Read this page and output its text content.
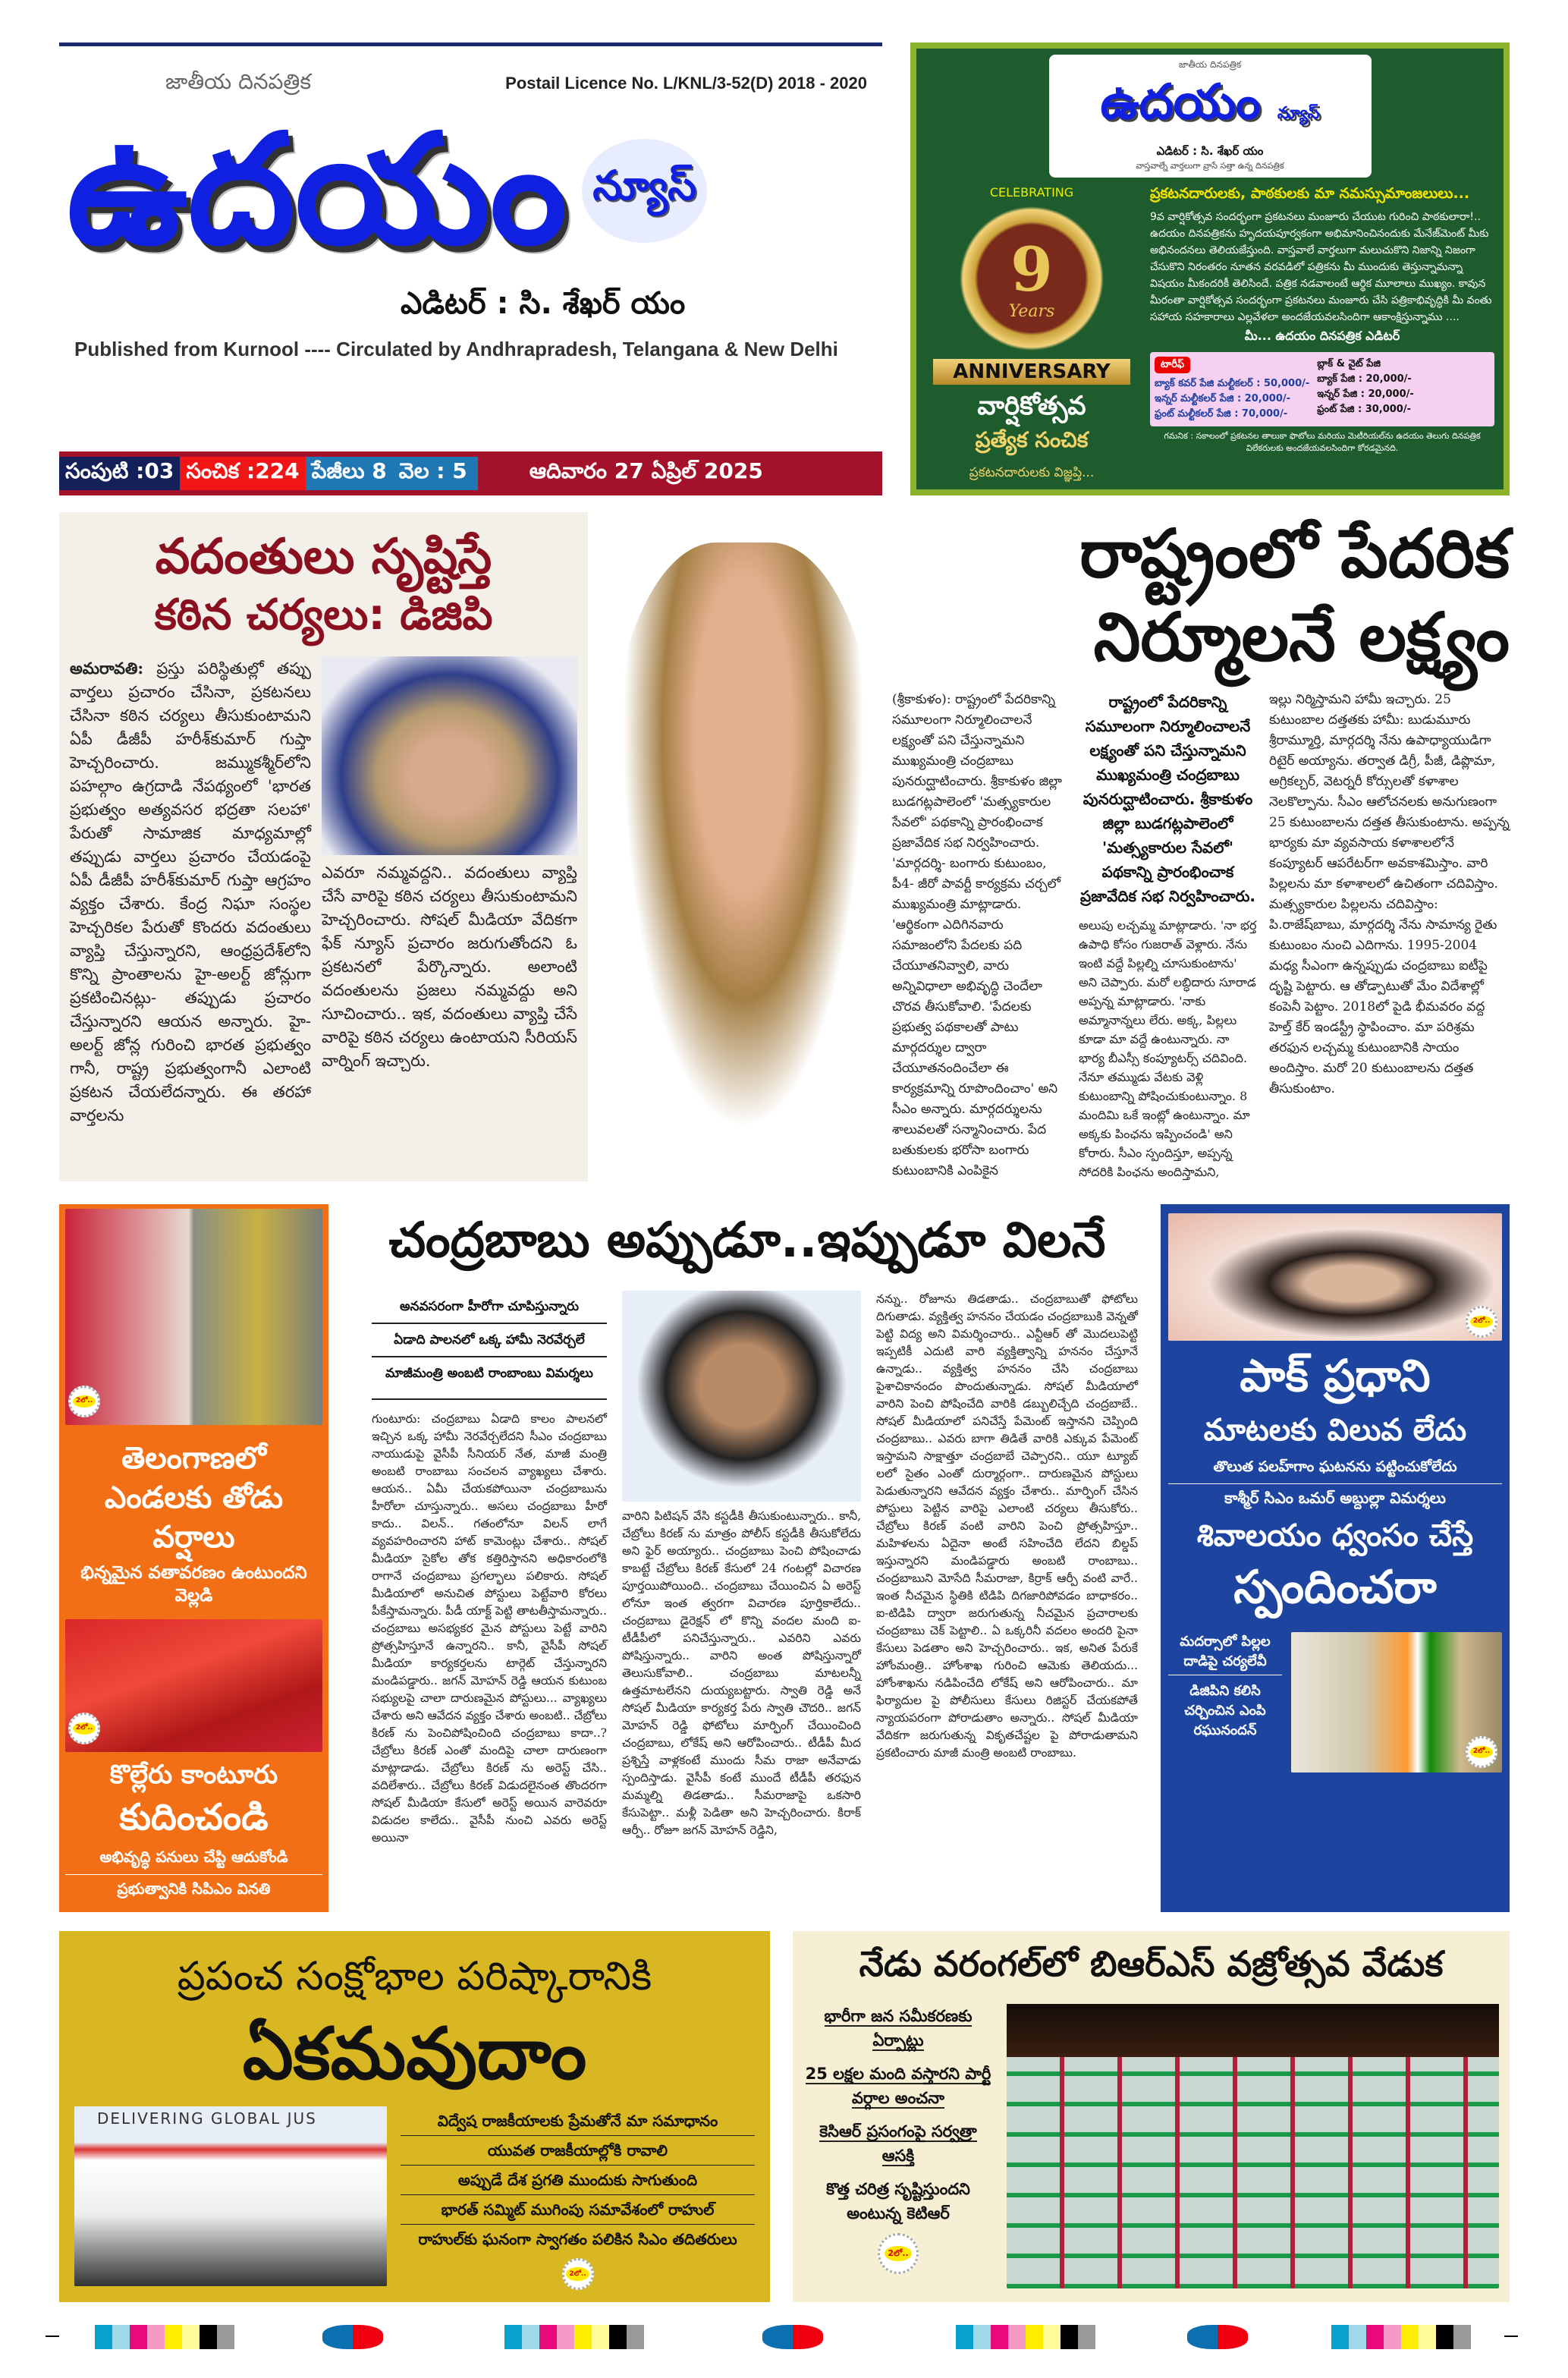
జాతీయ దినపత్రిక	Postail Licence No. L/KNL/3-52(D) 2018 - 2020
ఉదయం న్యూస్
ఎడిటర్ : సి. శేఖర్ యం
Published from Kurnool ---- Circulated by Andhrapradesh, Telangana & New Delhi
సంపుటి :03 సంచిక :224 పేజీలు 8 వెల : 5	ఆదివారం 27 ఏప్రిల్ 2025
జాతీయ దినపత్రిక
ఉదయం న్యూస్
ఎడిటర్ : సి. శేఖర్ యం
వాస్తవాల్నే వార్తలుగా వ్రాసే సత్తా ఉన్న దినపత్రిక
CELEBRATING
9
Years
ANNIVERSARY
వార్షికోత్సవ
ప్రత్యేక సంచిక
ప్రకటనదారులకు విజ్ఞప్తి...
ప్రకటనదారులకు, పాఠకులకు మా నమస్సుమాంజలులు...
9వ వార్షికోత్సవ సందర్భంగా ప్రకటనలు మంజూరు చేయుట గురించి పాఠకులారా!.. ఉదయం దినపత్రికను హృదయపూర్వకంగా అభిమానించినందుకు మేనేజ్‌మెంట్ మీకు అభినందనలు తెలియజేస్తుంది. వాస్తవాలే వార్తలుగా మలుచుకొని నిజాన్ని నిజంగా చేసుకొని నిరంతరం నూతన వరవడిలో పత్రికను మీ ముందుకు తెస్తున్నామన్నా విషయం మీకందరికీ తెలిసిందే. పత్రిక నడవాలంటే ఆర్థిక మూలాలు ముఖ్యం. కావున మీరంతా వార్షికోత్సవ సందర్భంగా ప్రకటనలు మంజూరు చేసి పత్రికాభివృద్ధికి మీ వంతు సహాయ సహకారాలు ఎల్లవేళలా అందజేయవలసిందిగా ఆకాంక్షిస్తున్నాము ....
మీ... ఉదయం దినపత్రిక ఎడిటర్
టారీఫ్
బ్యాక్ కవర్ పేజి మల్టీకలర్ : 50,000/-
ఇన్నర్ మల్టీకలర్ పేజి : 20,000/-
ఫ్రంట్ మల్టీకలర్ పేజి : 70,000/-
బ్లాక్ & వైట్ పేజి
బ్యాక్ పేజి : 20,000/-
ఇన్నర్ పేజి : 20,000/-
ఫ్రంట్ పేజి : 30,000/-
గమనిక : సకాలంలో ప్రకటనల తాలుకా ఫొటోలు మరియు మెటీరియల్‌ను ఉదయం తెలుగు దినపత్రిక విలేకరులకు అందజేయవలసిందిగా కోరడమైనది.
వదంతులు సృష్టిస్తే
కఠిన చర్యలు: డిజిపి
అమరావతి: ప్రస్తు పరిస్థితుల్లో తప్పు వార్తలు ప్రచారం చేసినా, ప్రకటనలు చేసినా కఠిన చర్యలు తీసుకుంటామని ఏపీ డీజీపీ హరీశ్‌కుమార్ గుప్తా హెచ్చరించారు. జమ్ముకశ్మీర్‌లోని పహల్గాం ఉగ్రదాడి నేపథ్యంలో 'భారత ప్రభుత్వం అత్యవసర భద్రతా సలహా' పేరుతో సామాజిక మాధ్యమాల్లో తప్పుడు వార్తలు ప్రచారం చేయడంపై ఏపీ డీజీపీ హరీశ్‌కుమార్ గుప్తా ఆగ్రహం వ్యక్తం చేశారు. కేంద్ర నిఘా సంస్థల హెచ్చరికల పేరుతో కొందరు వదంతులు వ్యాప్తి చేస్తున్నారని, ఆంధ్రప్రదేశ్‌లోని కొన్ని ప్రాంతాలను హై-అలర్ట్ జోన్లుగా ప్రకటించినట్లు- తప్పుడు ప్రచారం చేస్తున్నారని ఆయన అన్నారు. హై- అలర్ట్ జోన్ల గురించి భారత ప్రభుత్వం గానీ, రాష్ట్ర ప్రభుత్వంగానీ ఎలాంటి ప్రకటన చేయలేదన్నారు. ఈ తరహా వార్తలను
ఎవరూ నమ్మవద్దని.. వదంతులు వ్యాప్తి చేసే వారిపై కఠిన చర్యలు తీసుకుంటామని హెచ్చరించారు. సోషల్ మీడియా వేదికగా ఫేక్ న్యూస్ ప్రచారం జరుగుతోందని ఓ ప్రకటనలో పేర్కొన్నారు. అలాంటి వదంతులను ప్రజలు నమ్మవద్దు అని సూచించారు.. ఇక, వదంతులు వ్యాప్తి చేసే వారిపై కఠిన చర్యలు ఉంటాయని సీరియస్ వార్నింగ్ ఇచ్చారు.
రాష్ట్రంలో పేదరిక
నిర్మూలనే లక్ష్యం
(శ్రీకాకుళం): రాష్ట్రంలో పేదరికాన్ని సమూలంగా నిర్మూలించాలనే లక్ష్యంతో పని చేస్తున్నామని ముఖ్యమంత్రి చంద్రబాబు పునరుద్ఘాటించారు. శ్రీకాకుళం జిల్లా బుడగట్లపాలెంలో 'మత్స్యకారుల సేవలో' పథకాన్ని ప్రారంభించాక ప్రజావేదిక సభ నిర్వహించారు. 'మార్గదర్శి- బంగారు కుటుంబం, పీ4- జీరో పావర్టీ కార్యక్రమ చర్చలో ముఖ్యమంత్రి మాట్లాడారు. 'ఆర్థికంగా ఎదిగినవారు సమాజంలోని పేదలకు పది చేయూతనివ్వాలి, వారు అన్నివిధాలా అభివృద్ధి చెందేలా చొరవ తీసుకోవాలి. 'పేదలకు ప్రభుత్వ పథకాలతో పాటు మార్గదర్శుల ద్వారా చేయూతనందించేలా ఈ కార్యక్రమాన్ని రూపొందించాం' అని సీఎం అన్నారు. మార్గదర్శులను శాలువలతో సన్మానించారు. పేద బతుకులకు భరోసా బంగారు కుటుంబానికి ఎంపికైన
రాష్ట్రంలో పేదరికాన్ని సమూలంగా నిర్మూలించాలనే లక్ష్యంతో పని చేస్తున్నామని ముఖ్యమంత్రి చంద్రబాబు పునరుద్ఘాటించారు. శ్రీకాకుళం జిల్లా బుడగట్లపాలెంలో 'మత్స్యకారుల సేవలో' పథకాన్ని ప్రారంభించాక ప్రజావేదిక సభ నిర్వహించారు.
అలుపు లచ్చమ్మ మాట్లాడారు. 'నా భర్త ఉపాధి కోసం గుజరాత్ వెళ్లారు. నేను ఇంటి వద్దే పిల్లల్ని చూసుకుంటాను' అని చెప్పారు. మరో లబ్ధిదారు సూరాడ అప్పన్న మాట్లాడారు. 'నాకు అమ్మానాన్నలు లేరు. అక్క, పిల్లలు కూడా మా వద్దే ఉంటున్నారు. నా భార్య బీఎస్సీ కంప్యూటర్స్ చదివింది. నేనూ తమ్ముడు వేటకు వెళ్లి కుటుంబాన్ని పోషించుకుంటున్నాం. 8 మందిమి ఒకే ఇంట్లో ఉంటున్నాం. మా అక్కకు పింఛను ఇప్పించండి' అని కోరారు. సీఎం స్పందిస్తూ, అప్పన్న సోదరికి పింఛను అందిస్తామని,
ఇల్లు నిర్మిస్తామని హామీ ఇచ్చారు. 25 కుటుంబాల దత్తతకు హామీ: బుడుమూరు శ్రీరామ్మూర్తి, మార్గదర్శి నేను ఉపాధ్యాయుడిగా రిటైర్ అయ్యాను. తర్వాత డిగ్రీ, పీజీ, డిప్లొమా, అగ్రికల్చర్, వెటర్నరీ కోర్సులతో కళాశాల నెలకొల్పాను. సీఎం ఆలోచనలకు అనుగుణంగా 25 కుటుంబాలను దత్తత తీసుకుంటాను. అప్పన్న భార్యకు మా వ్యవసాయ కళాశాలలోనే కంప్యూటర్ ఆపరేటర్‌గా అవకాశమిస్తాం. వారి పిల్లలను మా కళాశాలలో ఉచితంగా చదివిస్తాం. మత్స్యకారుల పిల్లలను చదివిస్తాం: పి.రాజేష్‌బాబు, మార్గదర్శి నేను సామాన్య రైతు కుటుంబం నుంచి ఎదిగాను. 1995-2004 మధ్య సీఎంగా ఉన్నప్పుడు చంద్రబాబు ఐటీపై దృష్టి పెట్టారు. ఆ తోడ్పాటుతో మేం విదేశాల్లో కంపెనీ పెట్టాం. 2018లో పైడి భీమవరం వద్ద హెల్త్ కేర్ ఇండస్ట్రీ స్థాపించాం. మా పరిశ్రమ తరఫున లచ్చమ్మ కుటుంబానికి సాయం అందిస్తాం. మరో 20 కుటుంబాలను దత్తత తీసుకుంటాం.
2లో..
తెలంగాణలో ఎండలకు తోడు వర్షాలు
భిన్నమైన వతావరణం ఉంటుందని వెల్లడి
2లో..
కొల్లేరు కాంటూరు
కుదించండి
అభివృద్ధి పనులు చేప్టి ఆదుకోండి
ప్రభుత్వానికి సిపిఎం వినతి
చంద్రబాబు అప్పుడూ..ఇప్పుడూ విలనే
అనవసరంగా హీరోగా చూపిస్తున్నారు
ఏడాది పాలనలో ఒక్క హామీ నెరవేర్చలే
మాజీమంత్రి అంబటి రాంబాంబు విమర్శలు
గుంటూరు: చంద్రబాబు ఏడాది కాలం పాలనలో ఇచ్చిన ఒక్క హామీ నెరవేర్చలేదని సీఎం చంద్రబాబు నాయుడుపై వైసీపీ సీనియర్ నేత, మాజీ మంత్రి అంబటి రాంబాబు సంచలన వ్యాఖ్యలు చేశారు. ఆయన.. ఏమీ చేయకపోయినా చంద్రబాబును హీరోలా చూస్తున్నారు.. అసలు చంద్రబాబు హీరో కాదు.. విలన్.. గతంలోనూ విలన్ లాగే వ్యవహరించారని హాట్ కామెంట్లు చేశారు.. సోషల్ మీడియా సైకోల తోక కత్తిరిస్తానని అధికారంలోకి రాగానే చంద్రబాబు ప్రగల్భాలు పలికారు. సోషల్ మీడియాలో అనుచిత పోస్టులు పెట్టేవారి కోరలు పీకేస్తామన్నారు. పీడీ యాక్ట్ పెట్టి తాటతీస్తామన్నారు.. చంద్రబాబు అసభ్యకర మైన పోస్టులు పెట్టే వారిని ప్రోత్సహిస్తూనే ఉన్నారని.. కానీ, వైసీపీ సోషల్ మీడియా కార్యకర్తలను టార్గెట్ చేస్తున్నారని మండిపడ్డారు.. జగన్ మోహన్ రెడ్డి ఆయన కుటుంబ సభ్యులపై చాలా దారుణమైన పోస్టులు... వ్యాఖ్యలు చేశారు అని ఆవేదన వ్యక్తం చేశారు అంబటి.. చేబ్రోలు కిరణ్ ను పెంచిపోషించింది చంద్రబాబు కాదా..? చేబ్రోలు కిరణ్ ఎంతో మందిపై చాలా దారుణంగా మాట్లాడాడు. చేబ్రోలు కిరణ్ ను అరెస్ట్ చేసి.. వదిలేశారు.. చేబ్రోలు కిరణ్ విడుదలైనంత తొందరగా సోషల్ మీడియా కేసులో అరెస్ట్ అయిన వారెవరూ విడుదల కాలేదు.. వైసీపీ నుంచి ఎవరు అరెస్ట్ అయినా
వారిని పిటిషన్ వేసి కస్టడీకి తీసుకుంటున్నారు.. కానీ, చేబ్రోలు కిరణ్ ను మాత్రం పోలీస్ కస్టడీకి తీసుకోలేదు అని ఫైర్ అయ్యారు.. చంద్రబాబు పెంచి పోషించాడు కాబట్టే చేబ్రోలు కిరణ్ కేసులో 24 గంటల్లో విచారణ పూర్తయిపోయింది.. చంద్రబాబు చేయించిన ఏ అరెస్ట్ లోనూ ఇంత త్వరగా విచారణ పూర్తికాలేదు.. చంద్రబాబు డైరెక్షన్ లో కొన్ని వందల మంది ఐ-టీడీపీలో పనిచేస్తున్నారు.. ఎవరిని ఎవరు పోషిస్తున్నారు.. వారిని అంత పోషిస్తున్నారో తెలుసుకోవాలి.. చంద్రబాబు మాటలన్నీ ఉత్తమాటలేనని దుయ్యబట్టారు. స్వాతి రెడ్డి అనే సోషల్ మీడియా కార్యకర్త పేరు స్వాతి చౌదరి.. జగన్ మోహన్ రెడ్డి ఫోటోలు మార్ఫింగ్ చేయించింది చంద్రబాబు, లోకేష్ అని ఆరోపించారు.. టీడీపీ మీద ప్రశ్నిస్తే వాళ్లకంటే ముందు సీమ రాజా అనేవాడు స్పందిస్తాడు. వైసీపీ కంటే ముందే టీడీపీ తరఫున మమ్మల్ని తిడతాడు.. సీమరాజాపై ఒకసారి కేసుపెట్టా.. మళ్లీ పెడితా అని హెచ్చరించారు. కిరాక్ ఆర్పీ.. రోజూ జగన్ మోహన్ రెడ్డిని,
నన్ను.. రోజూను తిడతాడు.. చంద్రబాబుతో ఫోటోలు దిగుతాడు. వ్యక్తిత్వ హననం చేయడం చంద్రబాబుకి వెన్నతో పెట్టి విద్య అని విమర్శించారు.. ఎన్టీఆర్ తో మొదలుపెట్టి ఇప్పటికీ ఎదుటి వారి వ్యక్తిత్వాన్ని హననం చేస్తూనే ఉన్నాడు.. వ్యక్తిత్వ హననం చేసి చంద్రబాబు పైశాచికానందం పొందుతున్నాడు. సోషల్ మీడియాలో వారిని పెంచి పోషించేది వారికి డబ్బులిచ్చేది చంద్రబాబే.. సోషల్ మీడియాలో పనిచేస్తే పేమెంట్ ఇస్తానని చెప్పింది చంద్రబాబు.. ఎవరు బాగా తిడితే వారికి ఎక్కువ పేమెంట్ ఇస్తామని సాక్షాత్తూ చంద్రబాబే చెప్పారని.. యూ ట్యూబ్ లలో సైతం ఎంతో దుర్మార్గంగా.. దారుణమైన పోస్టులు పెడుతున్నారని ఆవేదన వ్యక్తం చేశారు.. మార్ఫింగ్ చేసిన పోస్టులు పెట్టిన వారిపై ఎలాంటి చర్యలు తీసుకోరు.. చేబ్రోలు కిరణ్ వంటి వారిని పెంచి ప్రోత్సహిస్తూ.. మహిళలను ఏదైనా అంటే సహించేది లేదని బిల్డప్ ఇస్తున్నారని మండిపడ్డారు అంబటి రాంబాబు.. చంద్రబాబుని మోసేది సీమరాజా, కిర్రాక్ ఆర్పీ వంటి వారే.. ఇంత నీచమైన స్థితికి టిడిపి దిగజారిపోవడం బాధాకరం.. ఐ-టిడిపి ద్వారా జరుగుతున్న నీచమైన ప్రచారాలకు చంద్రబాబు చెక్ పెట్టాలి.. ఏ ఒక్కరినీ వదలం అందరి పైనా కేసులు పెడతాం అని హెచ్చరించారు.. ఇక, అనిత పేరుకే హోంమంత్రి.. హోంశాఖ గురించి ఆమెకు తెలియదు... హోంశాఖను నడిపించేది లోకేష్ అని ఆరోపించారు.. మా ఫిర్యాదుల పై పోలీసులు కేసులు రిజిస్టర్ చేయకపోతే న్యాయపరంగా పోరాడుతాం అన్నారు.. సోషల్ మీడియా వేదికగా జరుగుతున్న వికృతచేష్టల పై పోరాడుతామని ప్రకటించారు మాజీ మంత్రి అంబటి రాంబాబు.
2లో..
పాక్ ప్రధాని
మాటలకు విలువ లేదు
తొలుత పలహ్‌గాం ఘటనను పట్టించుకోలేదు
కాశ్మీర్ సిఎం ఒమర్ అబ్దుల్లా విమర్శలు
శివాలయం ధ్వంసం చేస్తే
స్పందించరా
మదర్సాలో పిల్లల దాడిపై చర్యలేవీ
డిజిపిని కలిసి చర్చించిన ఎంపి రఘునందన్
2లో..
ప్రపంచ సంక్షోభాల పరిష్కారానికి
ఏకమవుదాం
DELIVERING GLOBAL JUS	విద్వేష రాజకీయాలకు ప్రేమతోనే మా సమాధానం
యువత రాజకీయాల్లోకి రావాలి
అప్పుడే దేశ ప్రగతి ముందుకు సాగుతుంది
భారత్ సమ్మిట్ ముగింపు సమావేశంలో రాహుల్
రాహుల్‌కు ఘనంగా స్వాగతం పలికిన సిఎం తదితరులు
2లో..
నేడు వరంగల్‌లో బిఆర్ఎస్ వజ్రోత్సవ వేడుక
భారీగా జన సమీకరణకు ఏర్పాట్లు
25 లక్షల మంది వస్తారని పార్టీ వర్గాల అంచనా
కెసిఆర్ ప్రసంగంపై సర్వత్రా ఆసక్తి
కొత్త చరిత్ర సృష్టిస్తుందని అంటున్న కెటిఆర్
2లో..
